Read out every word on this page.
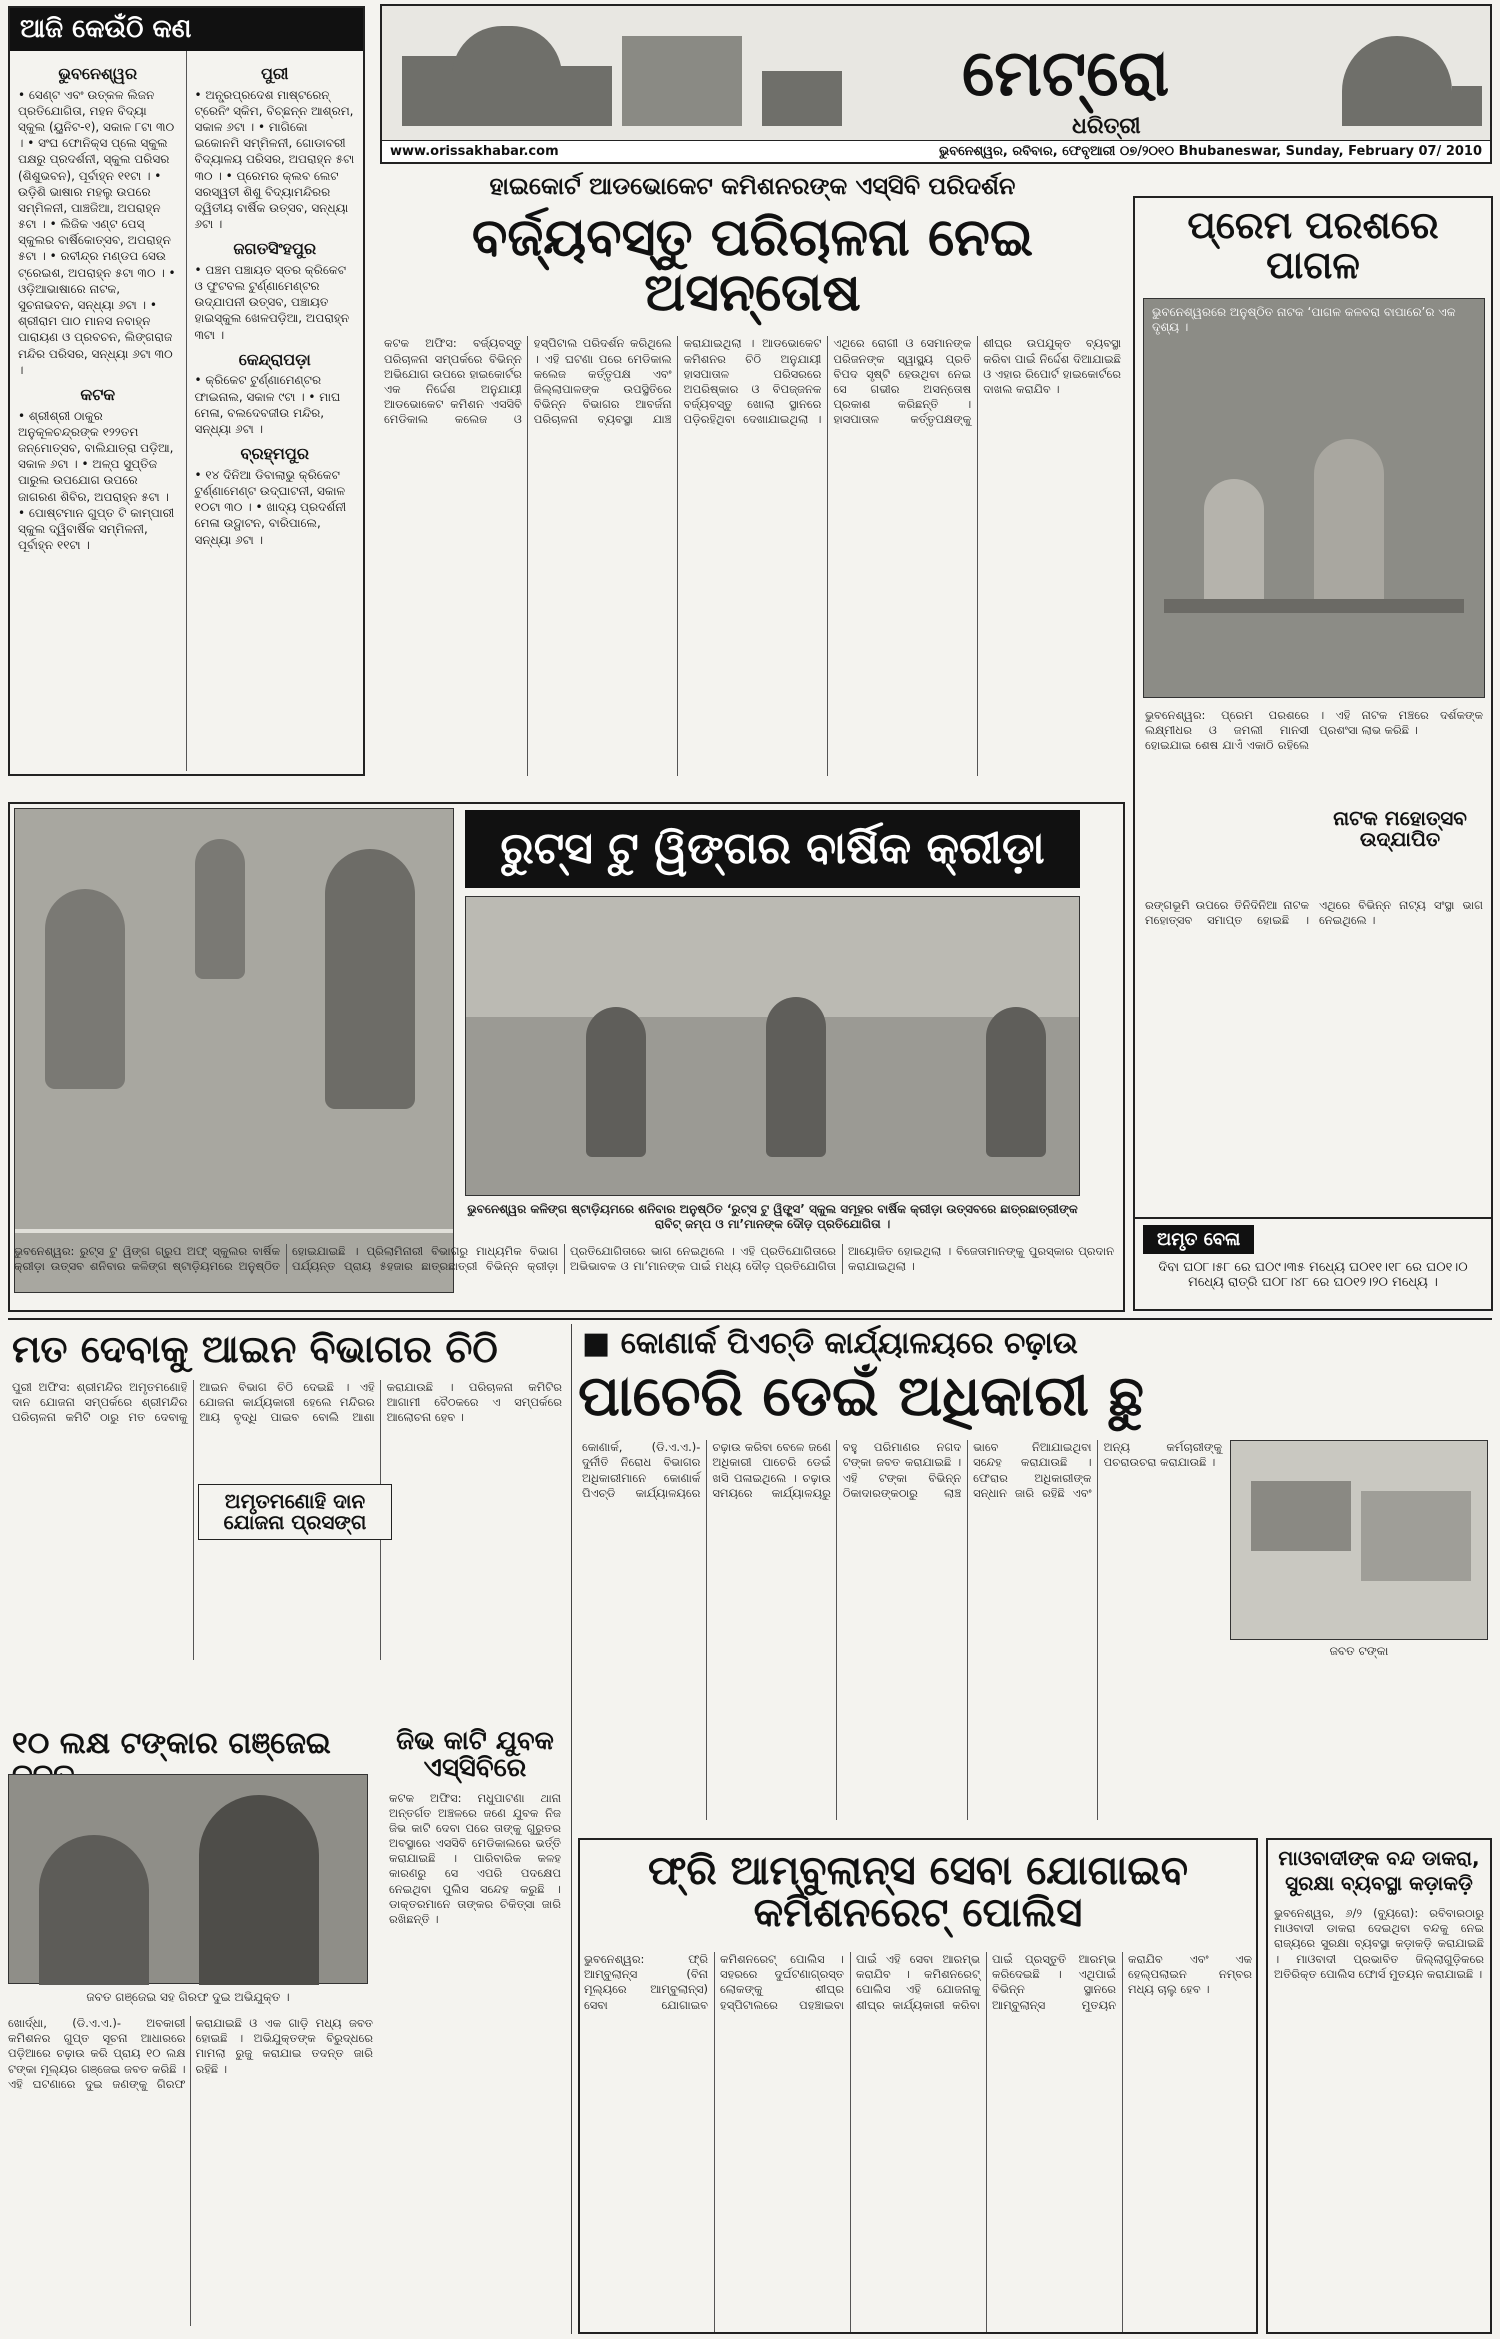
ଆଜି କେଉଁଠି କଣ
ଭୁବନେଶ୍ୱର
• ସେଣ୍ଟ ଏବଂ ଉତ୍କଳ ଲିଜନ ପ୍ରତିଯୋଗିତା, ମହନ ବିଦ୍ୟା ସ୍କୁଲ (ୟୁନିଟ-୧), ସକାଳ ୮ଟା ୩୦ । • ସଂଘ ଫୋନିକ୍ସ ପ୍ଲେ ସ୍କୁଲ ପକ୍ଷରୁ ପ୍ରଦର୍ଶନୀ, ସ୍କୁଲ ପରିସର (ଶିଶୁଭବନ), ପୂର୍ବାହ୍ନ ୧୧ଟା । • ଉଡ଼ିଶି ଭାଷାର ମହଲୁ ଉପରେ ସମ୍ମିଳନୀ, ପାଞ୍ଚଜିଆ, ଅପରାହ୍ନ ୫ଟା । • ଲିଜିକ ଏଣ୍ଟ ପେସ୍ ସ୍କୁଲର ବାର୍ଷିକୋତ୍ସବ, ଅପରାହ୍ନ ୫ଟା । • ରବୀନ୍ଦ୍ର ମଣ୍ଡପ ସେଉ ଟ୍ରେଇଶ, ଅପରାହ୍ନ ୫ଟା ୩୦ । • ଓଡ଼ିଆଭାଷାରେ ନାଟକ, ସୁଚନାଭବନ, ସନ୍ଧ୍ୟା ୬ଟା । • ଶ୍ରୀରାମ ପାଠ ମାନସ ନବାହ୍ନ ପାରାୟଣ ଓ ପ୍ରବଚନ, ଲିଙ୍ଗରାଜ ମନ୍ଦିର ପରିସର, ସନ୍ଧ୍ୟା ୬ଟା ୩୦ ।
କଟକ
• ଶ୍ରୀଶ୍ରୀ ଠାକୁର ଅନୁକୂଳଚନ୍ଦ୍ରଙ୍କ ୧୨୨ତମ ଜନ୍ମୋତ୍ସବ, ବାଲିଯାତ୍ରା ପଡ଼ିଆ, ସକାଳ ୬ଟା । • ଅଳ୍ପ ସୁପ୍ତିଜ ପାରୁଲ ଉପଯୋଗ ଉପରେ ଜାଗରଣ ଶିବିର, ଅପରାହ୍ନ ୫ଟା । • ପୋଷ୍ଟମାନ ଗୁପ୍ତ ଟି କାମ୍ପାରୀ ସ୍କୁଲ ଦ୍ୱିବାର୍ଷିକ ସମ୍ମିଳନୀ, ପୂର୍ବାହ୍ନ ୧୧ଟା ।
ପୁରୀ
• ଅନ୍ଧ୍ରପ୍ରଦେଶ ମାଷ୍ଟରେନ୍ ଟ୍ରେନିଂ ସ୍କିମ, ବିଚ୍ଛନ୍ନ ଆଶ୍ରମ, ସକାଳ ୬ଟା । • ମାଗିକୋ ଇକୋନମି ସମ୍ମିଳନୀ, ଗୋଡାବରୀ ବିଦ୍ୟାଳୟ ପରିସର, ଅପରାହ୍ନ ୫ଟା ୩୦ । • ପ୍ରେମର କ୍ଲବ ଲେଟ ସରସ୍ୱତୀ ଶିଶୁ ବିଦ୍ୟାମନ୍ଦିରର ଦ୍ୱିତୀୟ ବାର୍ଷିକ ଉତ୍ସବ, ସନ୍ଧ୍ୟା ୬ଟା ।
ଜଗତସିଂହପୁର
• ପଞ୍ଚମ ପଞ୍ଚାୟତ ସ୍ତର କ୍ରିକେଟ ଓ ଫୁଟବଲ ଟୁର୍ଣ୍ଣାମେଣ୍ଟର ଉଦ୍‌ଯାପନୀ ଉତ୍ସବ, ପଞ୍ଚାୟତ ହାଇସ୍କୁଲ ଖେଳପଡ଼ିଆ, ଅପରାହ୍ନ ୩ଟା ।
କେନ୍ଦ୍ରାପଡ଼ା
• କ୍ରିକେଟ ଟୁର୍ଣ୍ଣାମେଣ୍ଟର ଫାଇନାଲ, ସକାଳ ୯ଟା । • ମାଘ ମେଳା, ବଲଦେବଜୀଉ ମନ୍ଦିର, ସନ୍ଧ୍ୟା ୬ଟା ।
ବ୍ରହ୍ମପୁର
• ୧୪ ଦିନିଆ ଡିବାଲାଭୁ କ୍ରିକେଟ ଟୁର୍ଣ୍ଣାମେଣ୍ଟ ଉଦ୍‌ଘାଟନୀ, ସକାଳ ୧୦ଟା ୩୦ । • ଖାଦ୍ୟ ପ୍ରଦର୍ଶନୀ ମେଳା ଉଦ୍ଘାଟନ, ବାରିପାଲେ, ସନ୍ଧ୍ୟା ୬ଟା ।
ମେଟ୍ରୋ
ଧରିତ୍ରୀ
www.orissakhabar.com	ଭୁବନେଶ୍ୱର, ରବିବାର, ଫେବୃଆରୀ ୦୭/୨୦୧୦ Bhubaneswar, Sunday, February 07/ 2010
ହାଇକୋର୍ଟ ଆଡଭୋକେଟ କମିଶନରଙ୍କ ଏସ୍‌ସିବି ପରିଦର୍ଶନ
ବର୍ଜ୍ୟବସ୍ତୁ ପରିଚାଳନା ନେଇ ଅସନ୍ତୋଷ
କଟକ ଅଫିସ: ବର୍ଜ୍ୟବସ୍ତୁ ପରିଚାଳନା ସମ୍ପର୍କରେ ବିଭିନ୍ନ ଅଭିଯୋଗ ଉପରେ ହାଇକୋର୍ଟର ଏକ ନିର୍ଦ୍ଦେଶ ଅନୁଯାୟୀ ଆଡଭୋକେଟ କମିଶନ ଏସସିବି ମେଡିକାଲ କଲେଜ ଓ ହସ୍ପିଟାଲ ପରିଦର୍ଶନ କରିଥିଲେ । ଏହି ଘଟଣା ପରେ ମେଡିକାଲ କଲେଜ କର୍ତ୍ତୃପକ୍ଷ ଏବଂ ଜିଲ୍ଲାପାଳଙ୍କ ଉପସ୍ଥିତିରେ ବିଭିନ୍ନ ବିଭାଗର ଆବର୍ଜନା ପରିଚାଳନା ବ୍ୟବସ୍ଥା ଯାଞ୍ଚ କରାଯାଇଥିଲା । ଆଡଭୋକେଟ କମିଶନର ଚିଠି ଅନୁଯାୟୀ ହାସପାତାଳ ପରିସରରେ ଅପରିଷ୍କାର ଓ ବିପଜ୍ଜନକ ବର୍ଜ୍ୟବସ୍ତୁ ଖୋଲା ସ୍ଥାନରେ ପଡ଼ିରହିଥିବା ଦେଖାଯାଇଥିଲା । ଏଥିରେ ରୋଗୀ ଓ ସେମାନଙ୍କ ପରିଜନଙ୍କ ସ୍ୱାସ୍ଥ୍ୟ ପ୍ରତି ବିପଦ ସୃଷ୍ଟି ହେଉଥିବା ନେଇ ସେ ଗଭୀର ଅସନ୍ତୋଷ ପ୍ରକାଶ କରିଛନ୍ତି । ହାସପାତାଳ କର୍ତ୍ତୃପକ୍ଷଙ୍କୁ ଶୀଘ୍ର ଉପଯୁକ୍ତ ବ୍ୟବସ୍ଥା କରିବା ପାଇଁ ନିର୍ଦ୍ଦେଶ ଦିଆଯାଇଛି ଓ ଏହାର ରିପୋର୍ଟ ହାଇକୋର୍ଟରେ ଦାଖଲ କରାଯିବ ।
ପ୍ରେମ ପରଶରେ ପାଗଳ
ଭୁବନେଶ୍ୱରରେ ଅନୁଷ୍ଠିତ ନାଟକ ‘ପାଗଳ କଳବରା ବାପାରେ’ର ଏକ ଦୃଶ୍ୟ ।
ଭୁବନେଶ୍ୱର: ପ୍ରେମ ପରଶରେ ଲକ୍ଷ୍ମୀଧର ଓ ଜମଲୀ ମାନସୀ ହୋଇଯାଇ ଶେଷ ଯାଏଁ ଏକାଠି ରହିଲେ । ଏହି ନାଟକ ମଞ୍ଚରେ ଦର୍ଶକଙ୍କ ପ୍ରଶଂସା ଲାଭ କରିଛି ।
ନାଟକ ମହୋତ୍ସବ ଉଦ୍‌ଯାପିତ
ରଙ୍ଗଭୂମି ଉପରେ ତିନିଦିନିଆ ନାଟକ ମହୋତ୍ସବ ସମାପ୍ତ ହୋଇଛି । ଏଥିରେ ବିଭିନ୍ନ ନାଟ୍ୟ ସଂସ୍ଥା ଭାଗ ନେଇଥିଲେ ।
ଅମୃତ ବେଳା
ଦିବା ଘ୦୮।୫୮ ରେ ଘ୦୯।୩୫ ମଧ୍ୟେ ଘ୦୧୧।୧୮ ରେ ଘ୦୧।୦ ମଧ୍ୟେ ରାତ୍ରି ଘ୦୮।୪୮ ରେ ଘ୦୧୨।୨୦ ମଧ୍ୟେ ।
ରୁଟ୍ସ ଟୁ ୱିଙ୍ଗର ବାର୍ଷିକ କ୍ରୀଡ଼ା
ଭୁବନେଶ୍ୱର କଳିଙ୍ଗ ଷ୍ଟାଡ଼ିୟମରେ ଶନିବାର ଅନୁଷ୍ଠିତ ‘ରୁଟ୍ସ ଟୁ ୱିଙ୍ଗ୍ସ’ ସ୍କୁଲ ସମୂହର ବାର୍ଷିକ କ୍ରୀଡ଼ା ଉତ୍ସବରେ ଛାତ୍ରଛାତ୍ରୀଙ୍କ ରାବିଟ୍ ଜମ୍ପ ଓ ମା’ମାନଙ୍କ ଦୌଡ଼ ପ୍ରତିଯୋଗିତା ।
ଭୁବନେଶ୍ୱର: ରୁଟ୍ସ ଟୁ ୱିଙ୍ଗ ଗ୍ରୁପ ଅଫ୍ ସ୍କୁଲର ବାର୍ଷିକ କ୍ରୀଡ଼ା ଉତ୍ସବ ଶନିବାର କଳିଙ୍ଗ ଷ୍ଟାଡ଼ିୟମରେ ଅନୁଷ୍ଠିତ ହୋଇଯାଇଛି । ପ୍ରିଲାମିନାରୀ ବିଭାଗରୁ ମାଧ୍ୟମିକ ବିଭାଗ ପର୍ଯ୍ୟନ୍ତ ପ୍ରାୟ ୫ହଜାର ଛାତ୍ରଛାତ୍ରୀ ବିଭିନ୍ନ କ୍ରୀଡ଼ା ପ୍ରତିଯୋଗିତାରେ ଭାଗ ନେଇଥିଲେ । ଏହି ପ୍ରତିଯୋଗିତାରେ ଅଭିଭାବକ ଓ ମା’ମାନଙ୍କ ପାଇଁ ମଧ୍ୟ ଦୌଡ଼ ପ୍ରତିଯୋଗିତା ଆୟୋଜିତ ହୋଇଥିଲା । ବିଜେତାମାନଙ୍କୁ ପୁରସ୍କାର ପ୍ରଦାନ କରାଯାଇଥିଲା ।
ମତ ଦେବାକୁ ଆଇନ ବିଭାଗର ଚିଠି
ପୁରୀ ଅଫିସ: ଶ୍ରୀମନ୍ଦିର ଅମୃତମଣୋହି ଦାନ ଯୋଜନା ସମ୍ପର୍କରେ ଶ୍ରୀମନ୍ଦିର ପରିଚାଳନା କମିଟି ଠାରୁ ମତ ଦେବାକୁ ଆଇନ ବିଭାଗ ଚିଠି ଦେଇଛି । ଏହି ଯୋଜନା କାର୍ଯ୍ୟକାରୀ ହେଲେ ମନ୍ଦିରର ଆୟ ବୃଦ୍ଧି ପାଇବ ବୋଲି ଆଶା କରାଯାଉଛି । ପରିଚାଳନା କମିଟିର ଆଗାମୀ ବୈଠକରେ ଏ ସମ୍ପର୍କରେ ଆଲୋଚନା ହେବ ।
ଅମୃତମଣୋହି ଦାନ ଯୋଜନା ପ୍ରସଙ୍ଗ
୧୦ ଲକ୍ଷ ଟଙ୍କାର ଗଞ୍ଜେଇ
ଜବତ ଗଞ୍ଜେଇ ସହ ଗିରଫ ଦୁଇ ଅଭିଯୁକ୍ତ ।
ଖୋର୍ଦ୍ଧା, (ଡି.ଏ.ଏ.)- ଅବକାରୀ କମିଶନର ଗୁପ୍ତ ସୂଚନା ଆଧାରରେ ପଡ଼ିଆରେ ଚଢ଼ାଉ କରି ପ୍ରାୟ ୧୦ ଲକ୍ଷ ଟଙ୍କା ମୂଲ୍ୟର ଗଞ୍ଜେଇ ଜବତ କରିଛି । ଏହି ଘଟଣାରେ ଦୁଇ ଜଣଙ୍କୁ ଗିରଫ କରାଯାଇଛି ଓ ଏକ ଗାଡ଼ି ମଧ୍ୟ ଜବତ ହୋଇଛି । ଅଭିଯୁକ୍ତଙ୍କ ବିରୁଦ୍ଧରେ ମାମଲା ରୁଜୁ କରାଯାଇ ତଦନ୍ତ ଜାରି ରହିଛି ।
ଜିଭ କାଟି ଯୁବକ ଏସ୍‌ସିବିରେ
କଟକ ଅଫିସ: ମଧୁପାଟଣା ଥାନା ଅନ୍ତର୍ଗତ ଅଞ୍ଚଳରେ ଜଣେ ଯୁବକ ନିଜ ଜିଭ କାଟି ଦେବା ପରେ ତାଙ୍କୁ ଗୁରୁତର ଅବସ୍ଥାରେ ଏସସିବି ମେଡିକାଲରେ ଭର୍ତ୍ତି କରାଯାଇଛି । ପାରିବାରିକ କଳହ କାରଣରୁ ସେ ଏପରି ପଦକ୍ଷେପ ନେଇଥିବା ପୁଲିସ ସନ୍ଦେହ କରୁଛି । ଡାକ୍ତରମାନେ ତାଙ୍କର ଚିକିତ୍ସା ଜାରି ରଖିଛନ୍ତି ।
■ କୋଣାର୍କ ପିଏଚ୍‌ଡି କାର୍ଯ୍ୟାଳୟରେ ଚଢ଼ାଉ
ପାଚେରି ଡେଇଁ ଅଧିକାରୀ ଛୁ
କୋଣାର୍କ, (ଡି.ଏ.ଏ.)- ଦୁର୍ନୀତି ନିରୋଧ ବିଭାଗର ଅଧିକାରୀମାନେ କୋଣାର୍କ ପିଏଚ୍‌ଡି କାର୍ଯ୍ୟାଳୟରେ ଚଢ଼ାଉ କରିବା ବେଳେ ଜଣେ ଅଧିକାରୀ ପାଚେରି ଡେଇଁ ଖସି ପଳାଇଥିଲେ । ଚଢ଼ାଉ ସମୟରେ କାର୍ଯ୍ୟାଳୟରୁ ବହୁ ପରିମାଣର ନଗଦ ଟଙ୍କା ଜବତ କରାଯାଇଛି । ଏହି ଟଙ୍କା ବିଭିନ୍ନ ଠିକାଦାରଙ୍କଠାରୁ ଲାଞ୍ଚ ଭାବେ ନିଆଯାଇଥିବା ସନ୍ଦେହ କରାଯାଉଛି । ଫେରାର ଅଧିକାରୀଙ୍କ ସନ୍ଧାନ ଜାରି ରହିଛି ଏବଂ ଅନ୍ୟ କର୍ମଚାରୀଙ୍କୁ ପଚରାଉଚରା କରାଯାଉଛି ।
ଜବତ ଟଙ୍କା
ଫ୍ରି ଆମ୍ବୁଲାନ୍ସ ସେବା ଯୋଗାଇବ କମିଶନରେଟ୍ ପୋଲିସ
ଭୁବନେଶ୍ୱର: ଫ୍ରି ଆମ୍ବୁଲାନ୍ସ (ବିନା ମୂଲ୍ୟରେ ଆମ୍ବୁଲାନ୍ସ) ସେବା ଯୋଗାଇବ କମିଶନରେଟ୍ ପୋଲିସ । ସହରରେ ଦୁର୍ଘଟଣାଗ୍ରସ୍ତ ଲୋକଙ୍କୁ ଶୀଘ୍ର ହସ୍ପିଟାଲରେ ପହଞ୍ଚାଇବା ପାଇଁ ଏହି ସେବା ଆରମ୍ଭ କରାଯିବ । କମିଶନରେଟ୍ ପୋଲିସ ଏହି ଯୋଜନାକୁ ଶୀଘ୍ର କାର୍ଯ୍ୟକାରୀ କରିବା ପାଇଁ ପ୍ରସ୍ତୁତି ଆରମ୍ଭ କରିଦେଇଛି । ଏଥିପାଇଁ ବିଭିନ୍ନ ସ୍ଥାନରେ ଆମ୍ବୁଲାନ୍ସ ମୁତୟନ କରାଯିବ ଏବଂ ଏକ ହେଲ୍ପଲାଇନ ନମ୍ବର ମଧ୍ୟ ଚାଲୁ ହେବ ।
ମାଓବାଦୀଙ୍କ ବନ୍ଦ ଡାକରା,
ସୁରକ୍ଷା ବ୍ୟବସ୍ଥା କଡ଼ାକଡ଼ି
ଭୁବନେଶ୍ୱର, ୬/୨ (ବ୍ୟୁରୋ): ରବିବାରଠାରୁ ମାଓବାଦୀ ଡାକରା ଦେଇଥିବା ବନ୍ଦକୁ ନେଇ ରାଜ୍ୟରେ ସୁରକ୍ଷା ବ୍ୟବସ୍ଥା କଡ଼ାକଡ଼ି କରାଯାଇଛି । ମାଓବାଦୀ ପ୍ରଭାବିତ ଜିଲ୍ଲାଗୁଡ଼ିକରେ ଅତିରିକ୍ତ ପୋଲିସ ଫୋର୍ସ ମୁତୟନ କରାଯାଇଛି ।
